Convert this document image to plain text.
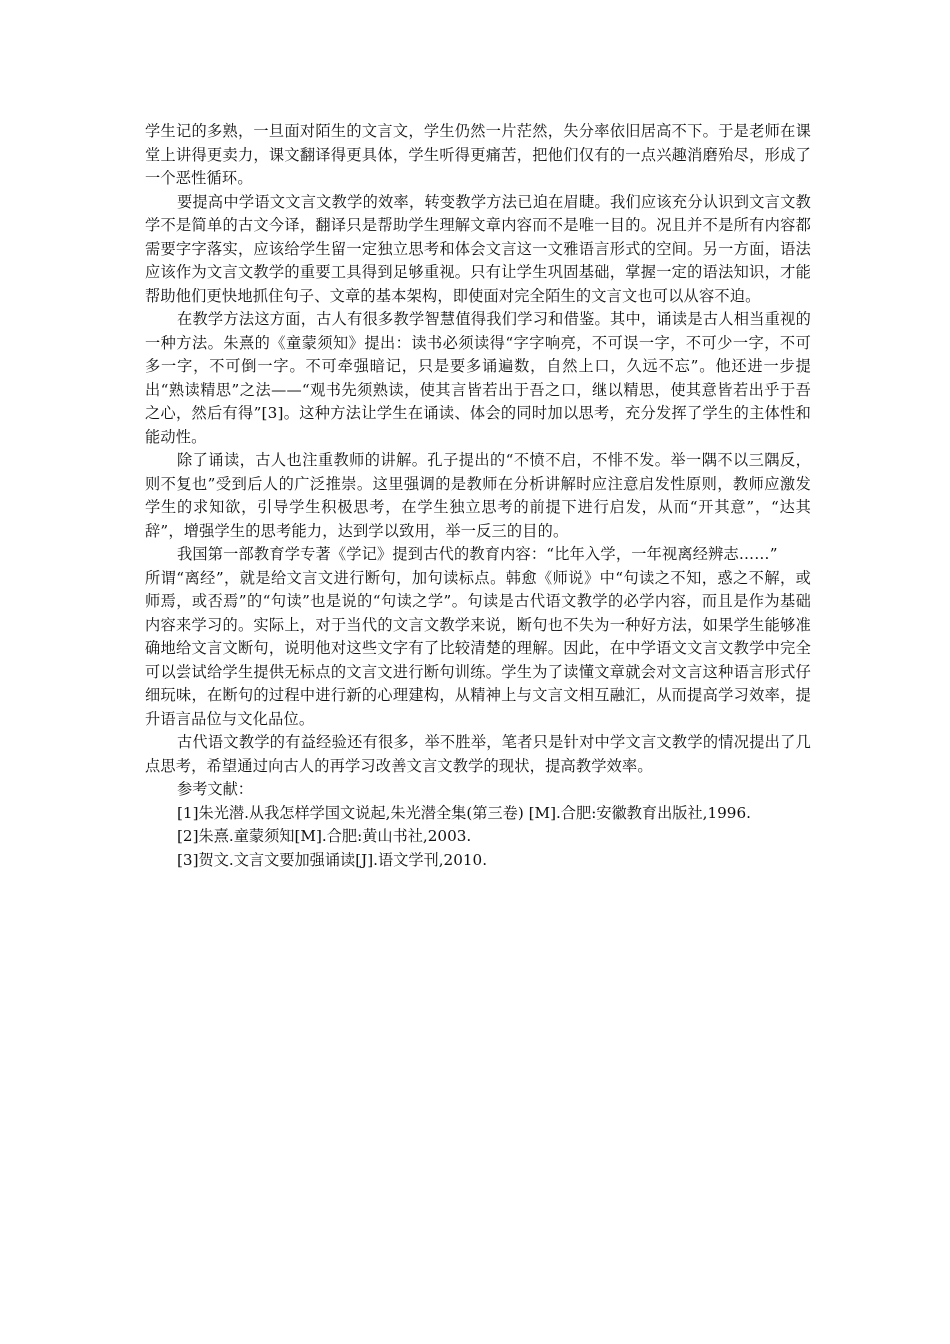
学生记的多熟，一旦面对陌生的文言文，学生仍然一片茫然，失分率依旧居高不下。于是老师在课堂上讲得更卖力，课文翻译得更具体，学生听得更痛苦，把他们仅有的一点兴趣消磨殆尽，形成了一个恶性循环。

要提高中学语文文言文教学的效率，转变教学方法已迫在眉睫。我们应该充分认识到文言文教学不是简单的古文今译，翻译只是帮助学生理解文章内容而不是唯一目的。况且并不是所有内容都需要字字落实，应该给学生留一定独立思考和体会文言这一文雅语言形式的空间。另一方面，语法应该作为文言文教学的重要工具得到足够重视。只有让学生巩固基础，掌握一定的语法知识，才能帮助他们更快地抓住句子、文章的基本架构，即使面对完全陌生的文言文也可以从容不迫。

在教学方法这方面，古人有很多教学智慧值得我们学习和借鉴。其中，诵读是古人相当重视的一种方法。朱熹的《童蒙须知》提出：读书必须读得“字字响亮，不可误一字，不可少一字，不可多一字，不可倒一字。不可牵强暗记，只是要多诵遍数，自然上口，久远不忘”。他还进一步提出“熟读精思”之法——“观书先须熟读，使其言皆若出于吾之口，继以精思，使其意皆若出乎于吾之心，然后有得”[3]。这种方法让学生在诵读、体会的同时加以思考，充分发挥了学生的主体性和能动性。

除了诵读，古人也注重教师的讲解。孔子提出的“不愤不启，不悱不发。举一隅不以三隅反，则不复也”受到后人的广泛推崇。这里强调的是教师在分析讲解时应注意启发性原则，教师应激发学生的求知欲，引导学生积极思考，在学生独立思考的前提下进行启发，从而“开其意”，“达其辞”，增强学生的思考能力，达到学以致用，举一反三的目的。

我国第一部教育学专著《学记》提到古代的教育内容：“比年入学，一年视离经辨志……”

所谓“离经”，就是给文言文进行断句，加句读标点。韩愈《师说》中“句读之不知，惑之不解，或师焉，或否焉”的“句读”也是说的“句读之学”。句读是古代语文教学的必学内容，而且是作为基础内容来学习的。实际上，对于当代的文言文教学来说，断句也不失为一种好方法，如果学生能够准确地给文言文断句，说明他对这些文字有了比较清楚的理解。因此，在中学语文文言文教学中完全可以尝试给学生提供无标点的文言文进行断句训练。学生为了读懂文章就会对文言这种语言形式仔细玩味，在断句的过程中进行新的心理建构，从精神上与文言文相互融汇，从而提高学习效率，提升语言品位与文化品位。

古代语文教学的有益经验还有很多，举不胜举，笔者只是针对中学文言文教学的情况提出了几点思考，希望通过向古人的再学习改善文言文教学的现状，提高教学效率。

参考文献：

[1]朱光潜.从我怎样学国文说起,朱光潜全集(第三卷) [M].合肥:安徽教育出版社,1996.

[2]朱熹.童蒙须知[M].合肥:黄山书社,2003.

[3]贺文.文言文要加强诵读[J].语文学刊,2010.
